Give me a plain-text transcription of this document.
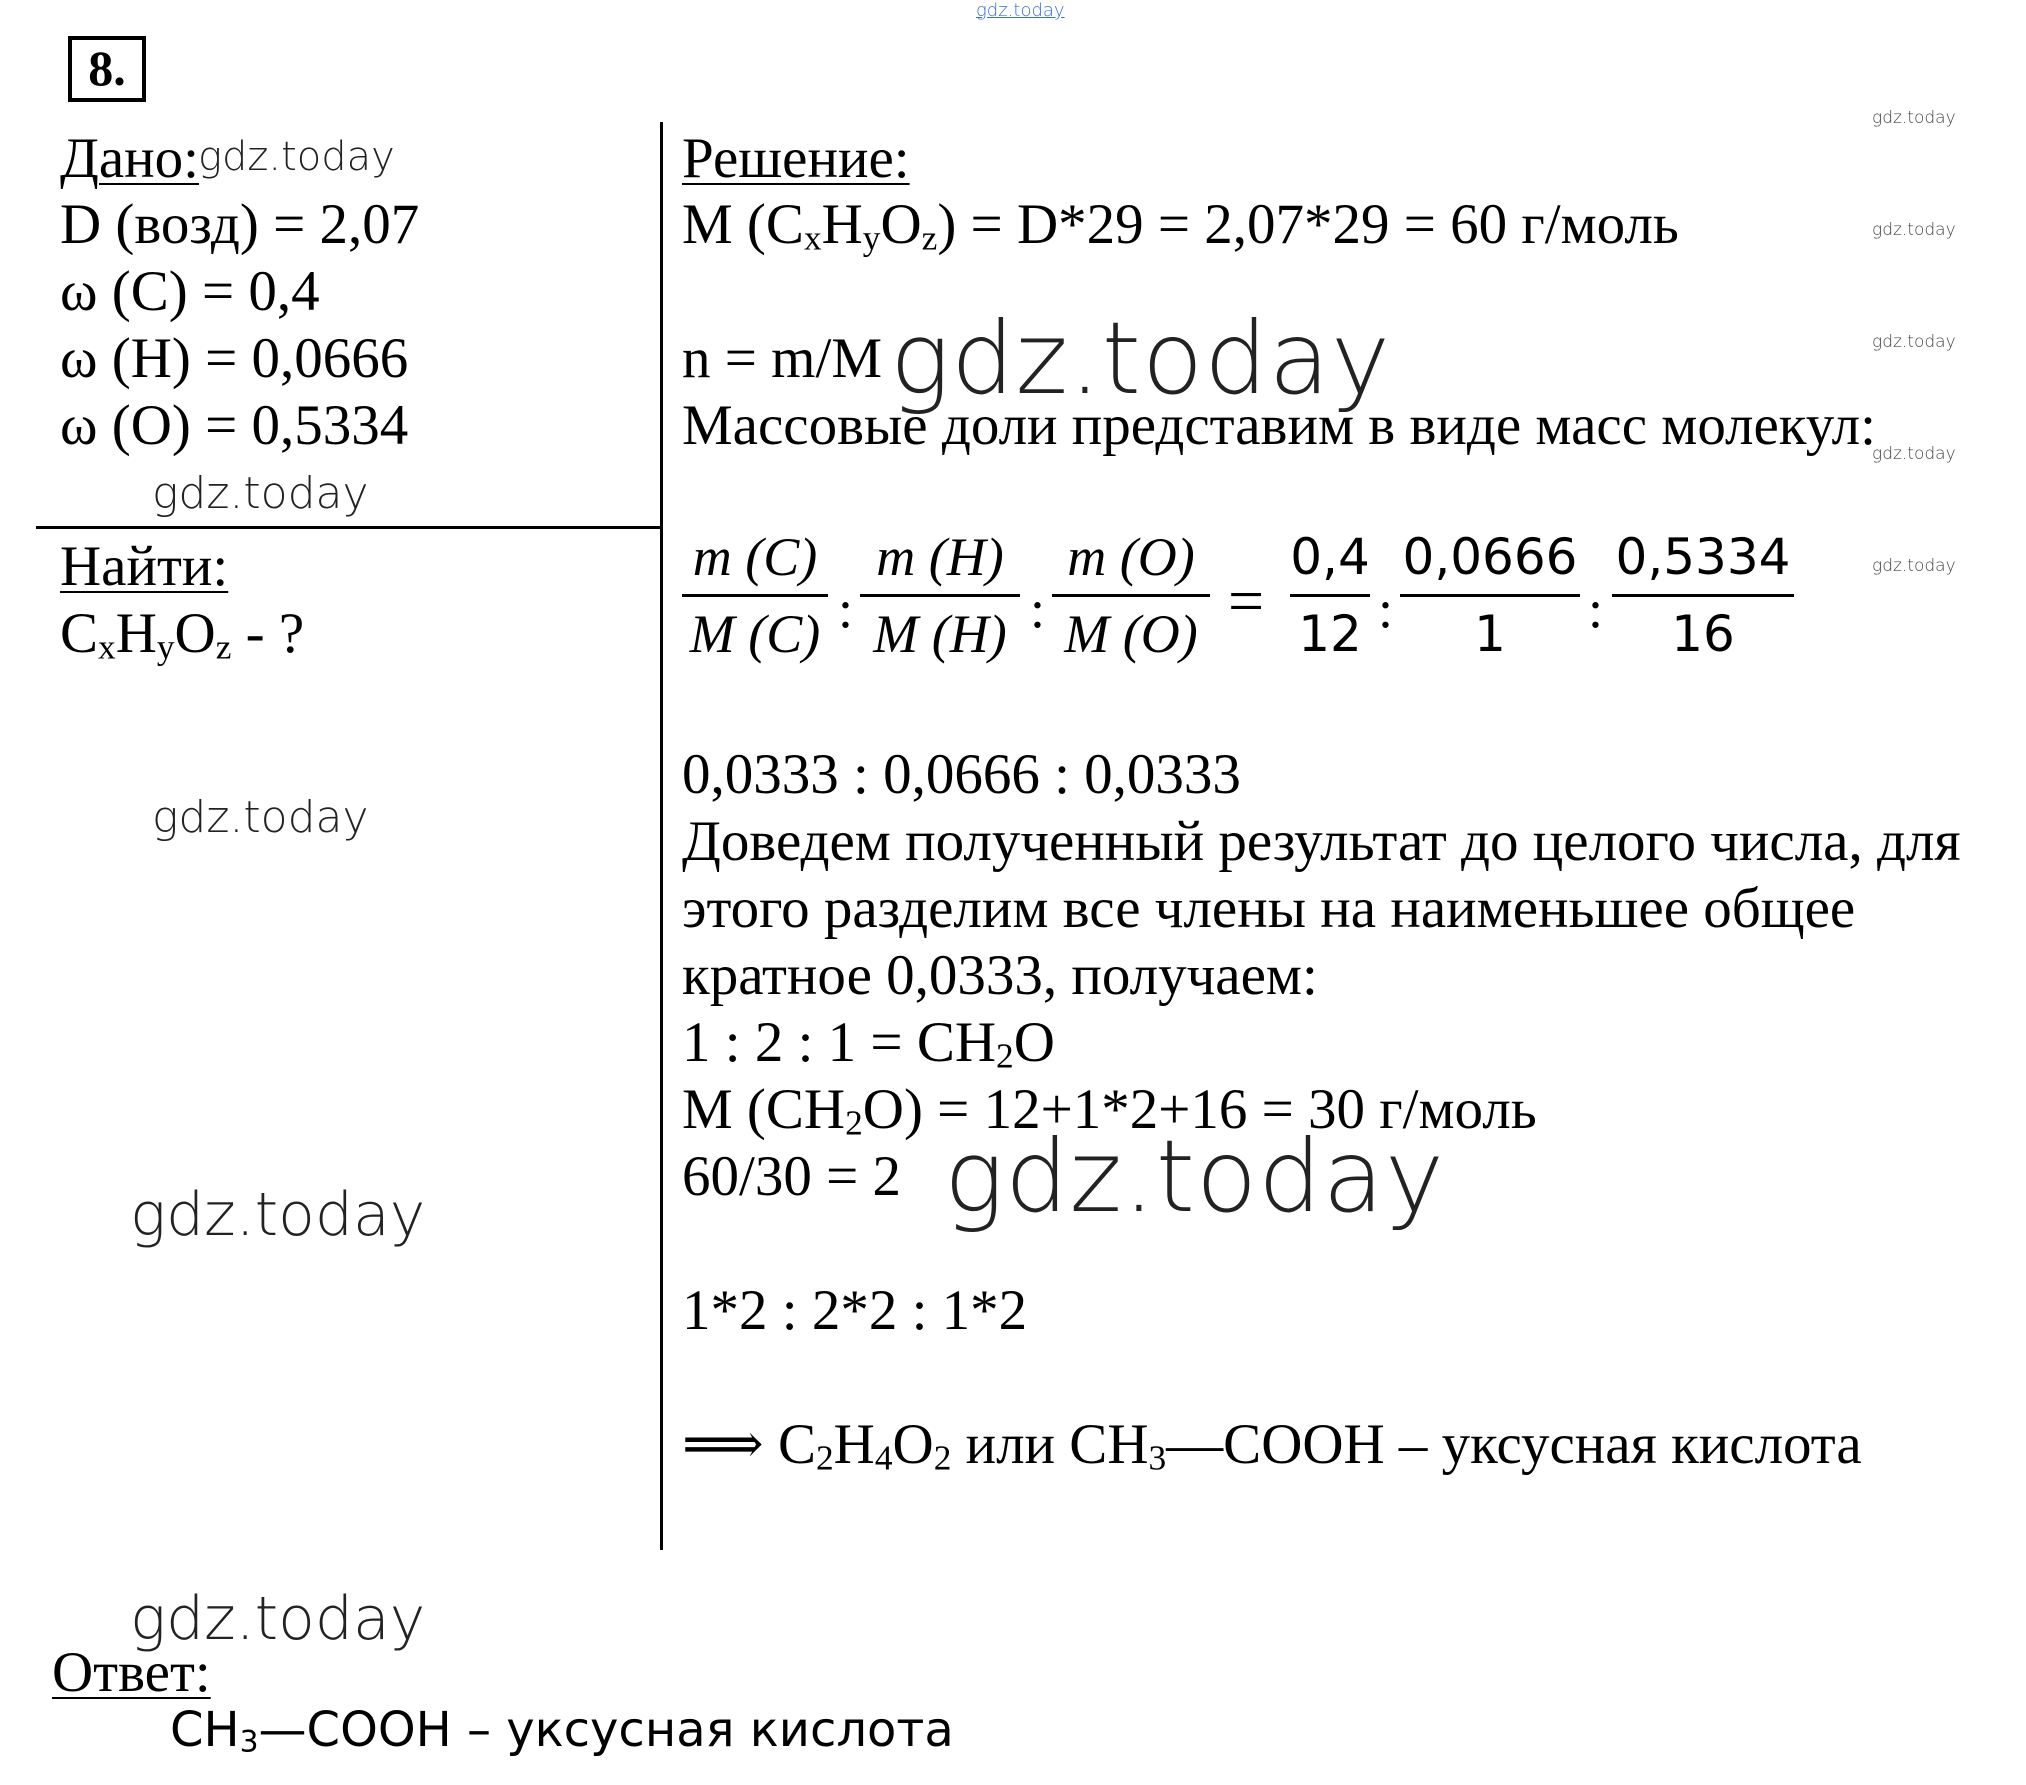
8.
gdz.today
gdz.today
gdz.today
gdz.today
gdz.today
gdz.today
Дано:
gdz.today
D (возд) = 2,07
ω (C) = 0,4
ω (H) = 0,0666
ω (O) = 0,5334
gdz.today
Найти:
$C_xH_yO_z$ - ?
gdz.today
gdz.today
gdz.today
Решение:
M $(C_xH_yO_z) = D*29 = 2,07*29 = 60$ г/моль
n = m/M gdz.today
Массовые доли представим в виде масс молекул:
m (C)
M (C) :
m (H)
M (H) :
m (O)
M (O) =
0,4
12 :
0,0666
1	:
0,5334
16
0,0333 : 0,0666 : 0,0333
Доведем полученный результат до целого числа, для
этого разделим все члены на наименьшее общее
кратное 0,0333, получаем:
1 : 2 : $1 = CH_2O$
M $(CH_2O) = 12+1*2+16 = 30$ г/моль
60/30 = 2 gdz.today
1*2 : 2*2 : 1*2
⟹ $C_2H_4O_2$ или $CH_3—COOH$ – уксусная кислота
Ответ:
$CH_3—COOH$ – уксусная кислота
